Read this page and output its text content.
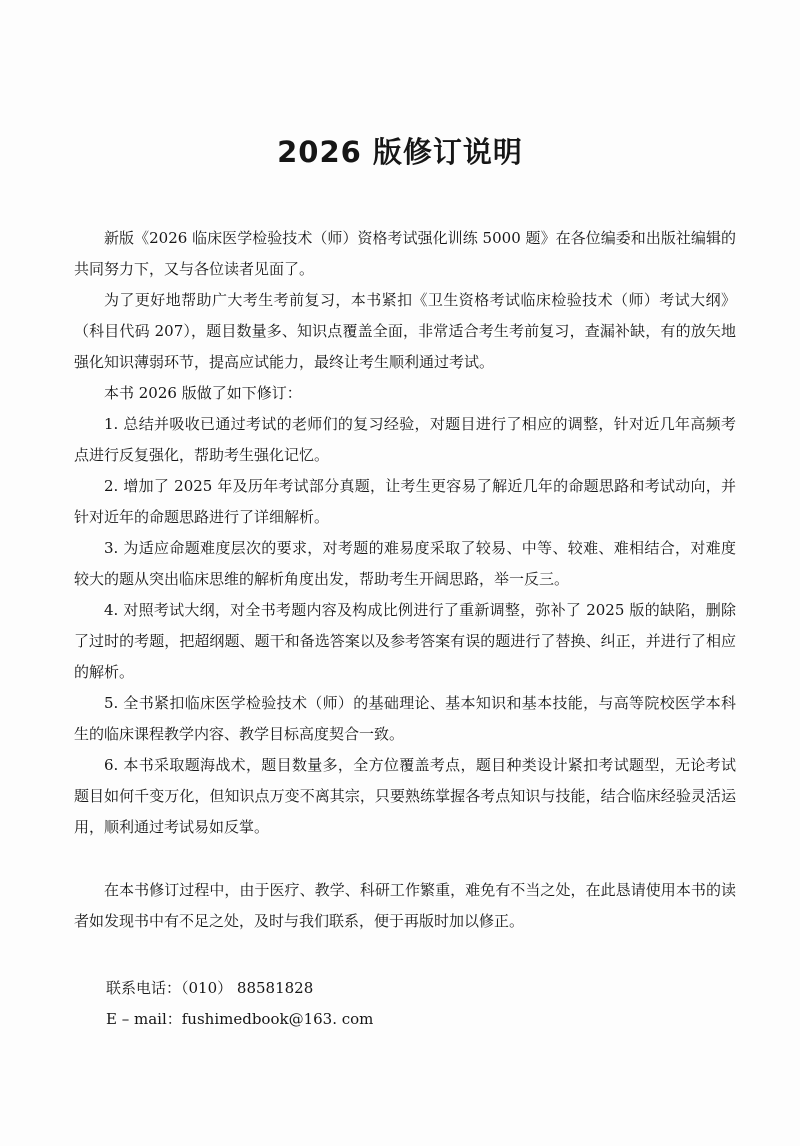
2026 版修订说明

新版《2026 临床医学检验技术（师）资格考试强化训练 5000 题》在各位编委和出版社编辑的共同努力下，又与各位读者见面了。

为了更好地帮助广大考生考前复习，本书紧扣《卫生资格考试临床检验技术（师）考试大纲》（科目代码 207），题目数量多、知识点覆盖全面，非常适合考生考前复习，查漏补缺，有的放矢地强化知识薄弱环节，提高应试能力，最终让考生顺利通过考试。

本书 2026 版做了如下修订：

1. 总结并吸收已通过考试的老师们的复习经验，对题目进行了相应的调整，针对近几年高频考点进行反复强化，帮助考生强化记忆。

2. 增加了 2025 年及历年考试部分真题，让考生更容易了解近几年的命题思路和考试动向，并针对近年的命题思路进行了详细解析。

3. 为适应命题难度层次的要求，对考题的难易度采取了较易、中等、较难、难相结合，对难度较大的题从突出临床思维的解析角度出发，帮助考生开阔思路，举一反三。

4. 对照考试大纲，对全书考题内容及构成比例进行了重新调整，弥补了 2025 版的缺陷，删除了过时的考题，把超纲题、题干和备选答案以及参考答案有误的题进行了替换、纠正，并进行了相应的解析。

5. 全书紧扣临床医学检验技术（师）的基础理论、基本知识和基本技能，与高等院校医学本科生的临床课程教学内容、教学目标高度契合一致。

6. 本书采取题海战术，题目数量多，全方位覆盖考点，题目种类设计紧扣考试题型，无论考试题目如何千变万化，但知识点万变不离其宗，只要熟练掌握各考点知识与技能，结合临床经验灵活运用，顺利通过考试易如反掌。

在本书修订过程中，由于医疗、教学、科研工作繁重，难免有不当之处，在此恳请使用本书的读者如发现书中有不足之处，及时与我们联系，便于再版时加以修正。

联系电话：（010） 88581828
E – mail：fushimedbook@163. com
